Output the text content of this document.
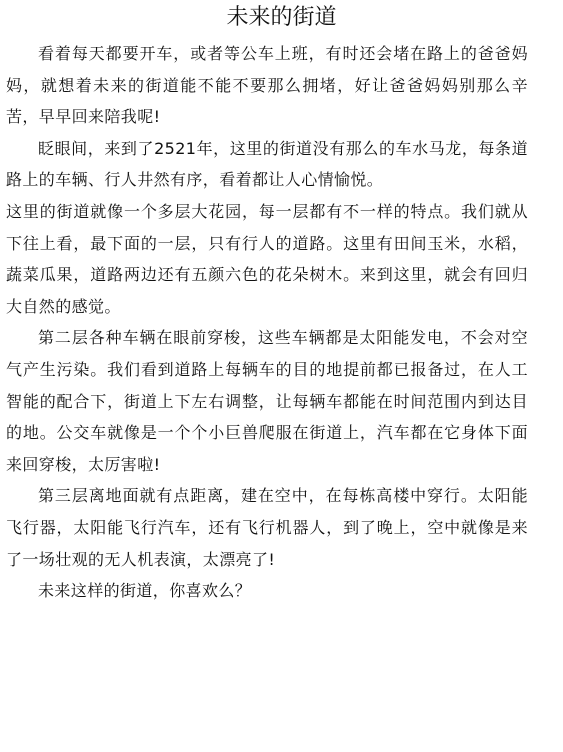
未来的街道

看着每天都要开车，或者等公车上班，有时还会堵在路上的爸爸妈妈，就想着未来的街道能不能不要那么拥堵，好让爸爸妈妈别那么辛苦，早早回来陪我呢!

眨眼间，来到了2521年，这里的街道没有那么的车水马龙，每条道路上的车辆、行人井然有序，看着都让人心情愉悦。

这里的街道就像一个多层大花园，每一层都有不一样的特点。我们就从下往上看，最下面的一层，只有行人的道路。这里有田间玉米，水稻，蔬菜瓜果，道路两边还有五颜六色的花朵树木。来到这里，就会有回归大自然的感觉。

第二层各种车辆在眼前穿梭，这些车辆都是太阳能发电，不会对空气产生污染。我们看到道路上每辆车的目的地提前都已报备过，在人工智能的配合下，街道上下左右调整，让每辆车都能在时间范围内到达目的地。公交车就像是一个个小巨兽爬服在街道上，汽车都在它身体下面来回穿梭，太厉害啦!

第三层离地面就有点距离，建在空中，在每栋高楼中穿行。太阳能飞行器，太阳能飞行汽车，还有飞行机器人，到了晚上，空中就像是来了一场壮观的无人机表演，太漂亮了!

未来这样的街道，你喜欢么？
